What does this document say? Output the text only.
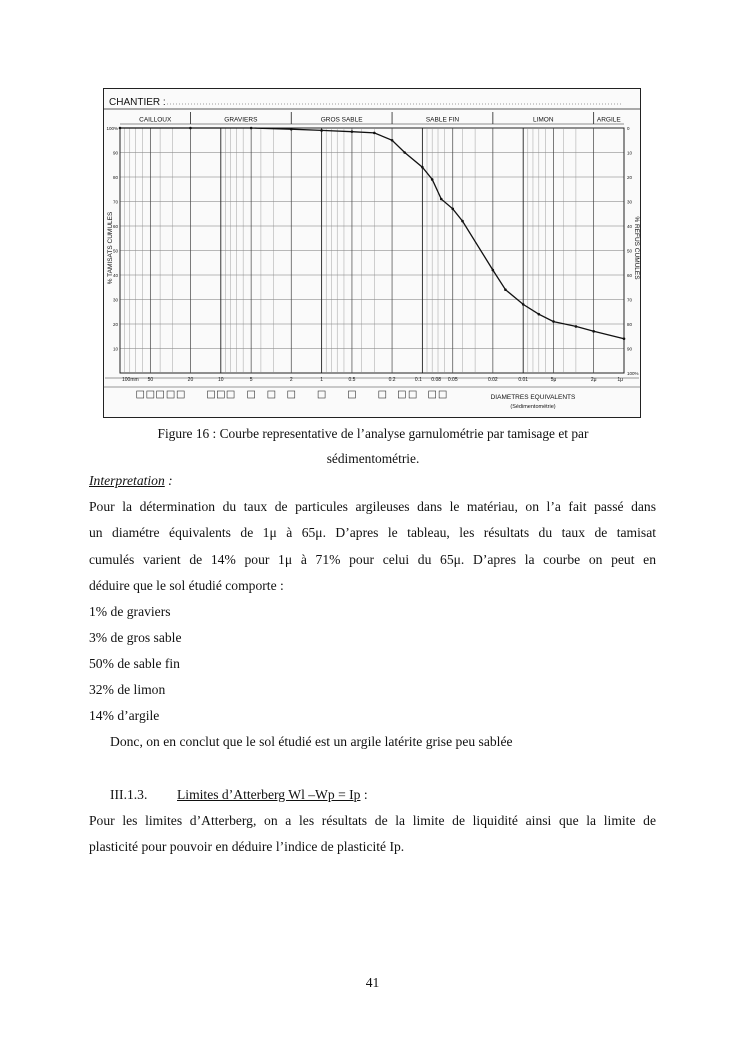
CHANTIER :
% TAMISATS CUMULES	% REFUS CUMULES
DIAMETRES EQUIVALENTS
(Sédimentométrie)
CAILLOUX	GRAVIERS	GROS SABLE	SABLE FIN	LIMON	ARGILE
100%
90
80
70
60
50
40
30
20
10
0
10
20
30
40
50
60
70
80
90
100%
100mm 50	20	10	5	2	1	0.5	0.2	0.1 0.08 0.05	0.02	0.01	5μ	2μ	1μ
Figure 16 : Courbe representative de l’analyse garnulométrie par tamisage et par
sédimentométrie.
Interpretation :
Pour la détermination du taux de particules argileuses dans le matériau, on l’a fait passé dans
un diamétre équivalents de 1μ à 65μ. D’apres le tableau, les résultats du taux de tamisat
cumulés varient de 14% pour 1μ à 71% pour celui du 65μ. D’apres la courbe on peut en
déduire que le sol étudié comporte :
1% de graviers
3% de gros sable
50% de sable fin
32% de limon
14% d’argile
Donc, on en conclut que le sol étudié est un argile latérite grise peu sablée
III.1.3. Limites d’Atterberg Wl –Wp = Ip :
Pour les limites d’Atterberg, on a les résultats de la limite de liquidité ainsi que la limite de
plasticité pour pouvoir en déduire l’indice de plasticité Ip.
41
